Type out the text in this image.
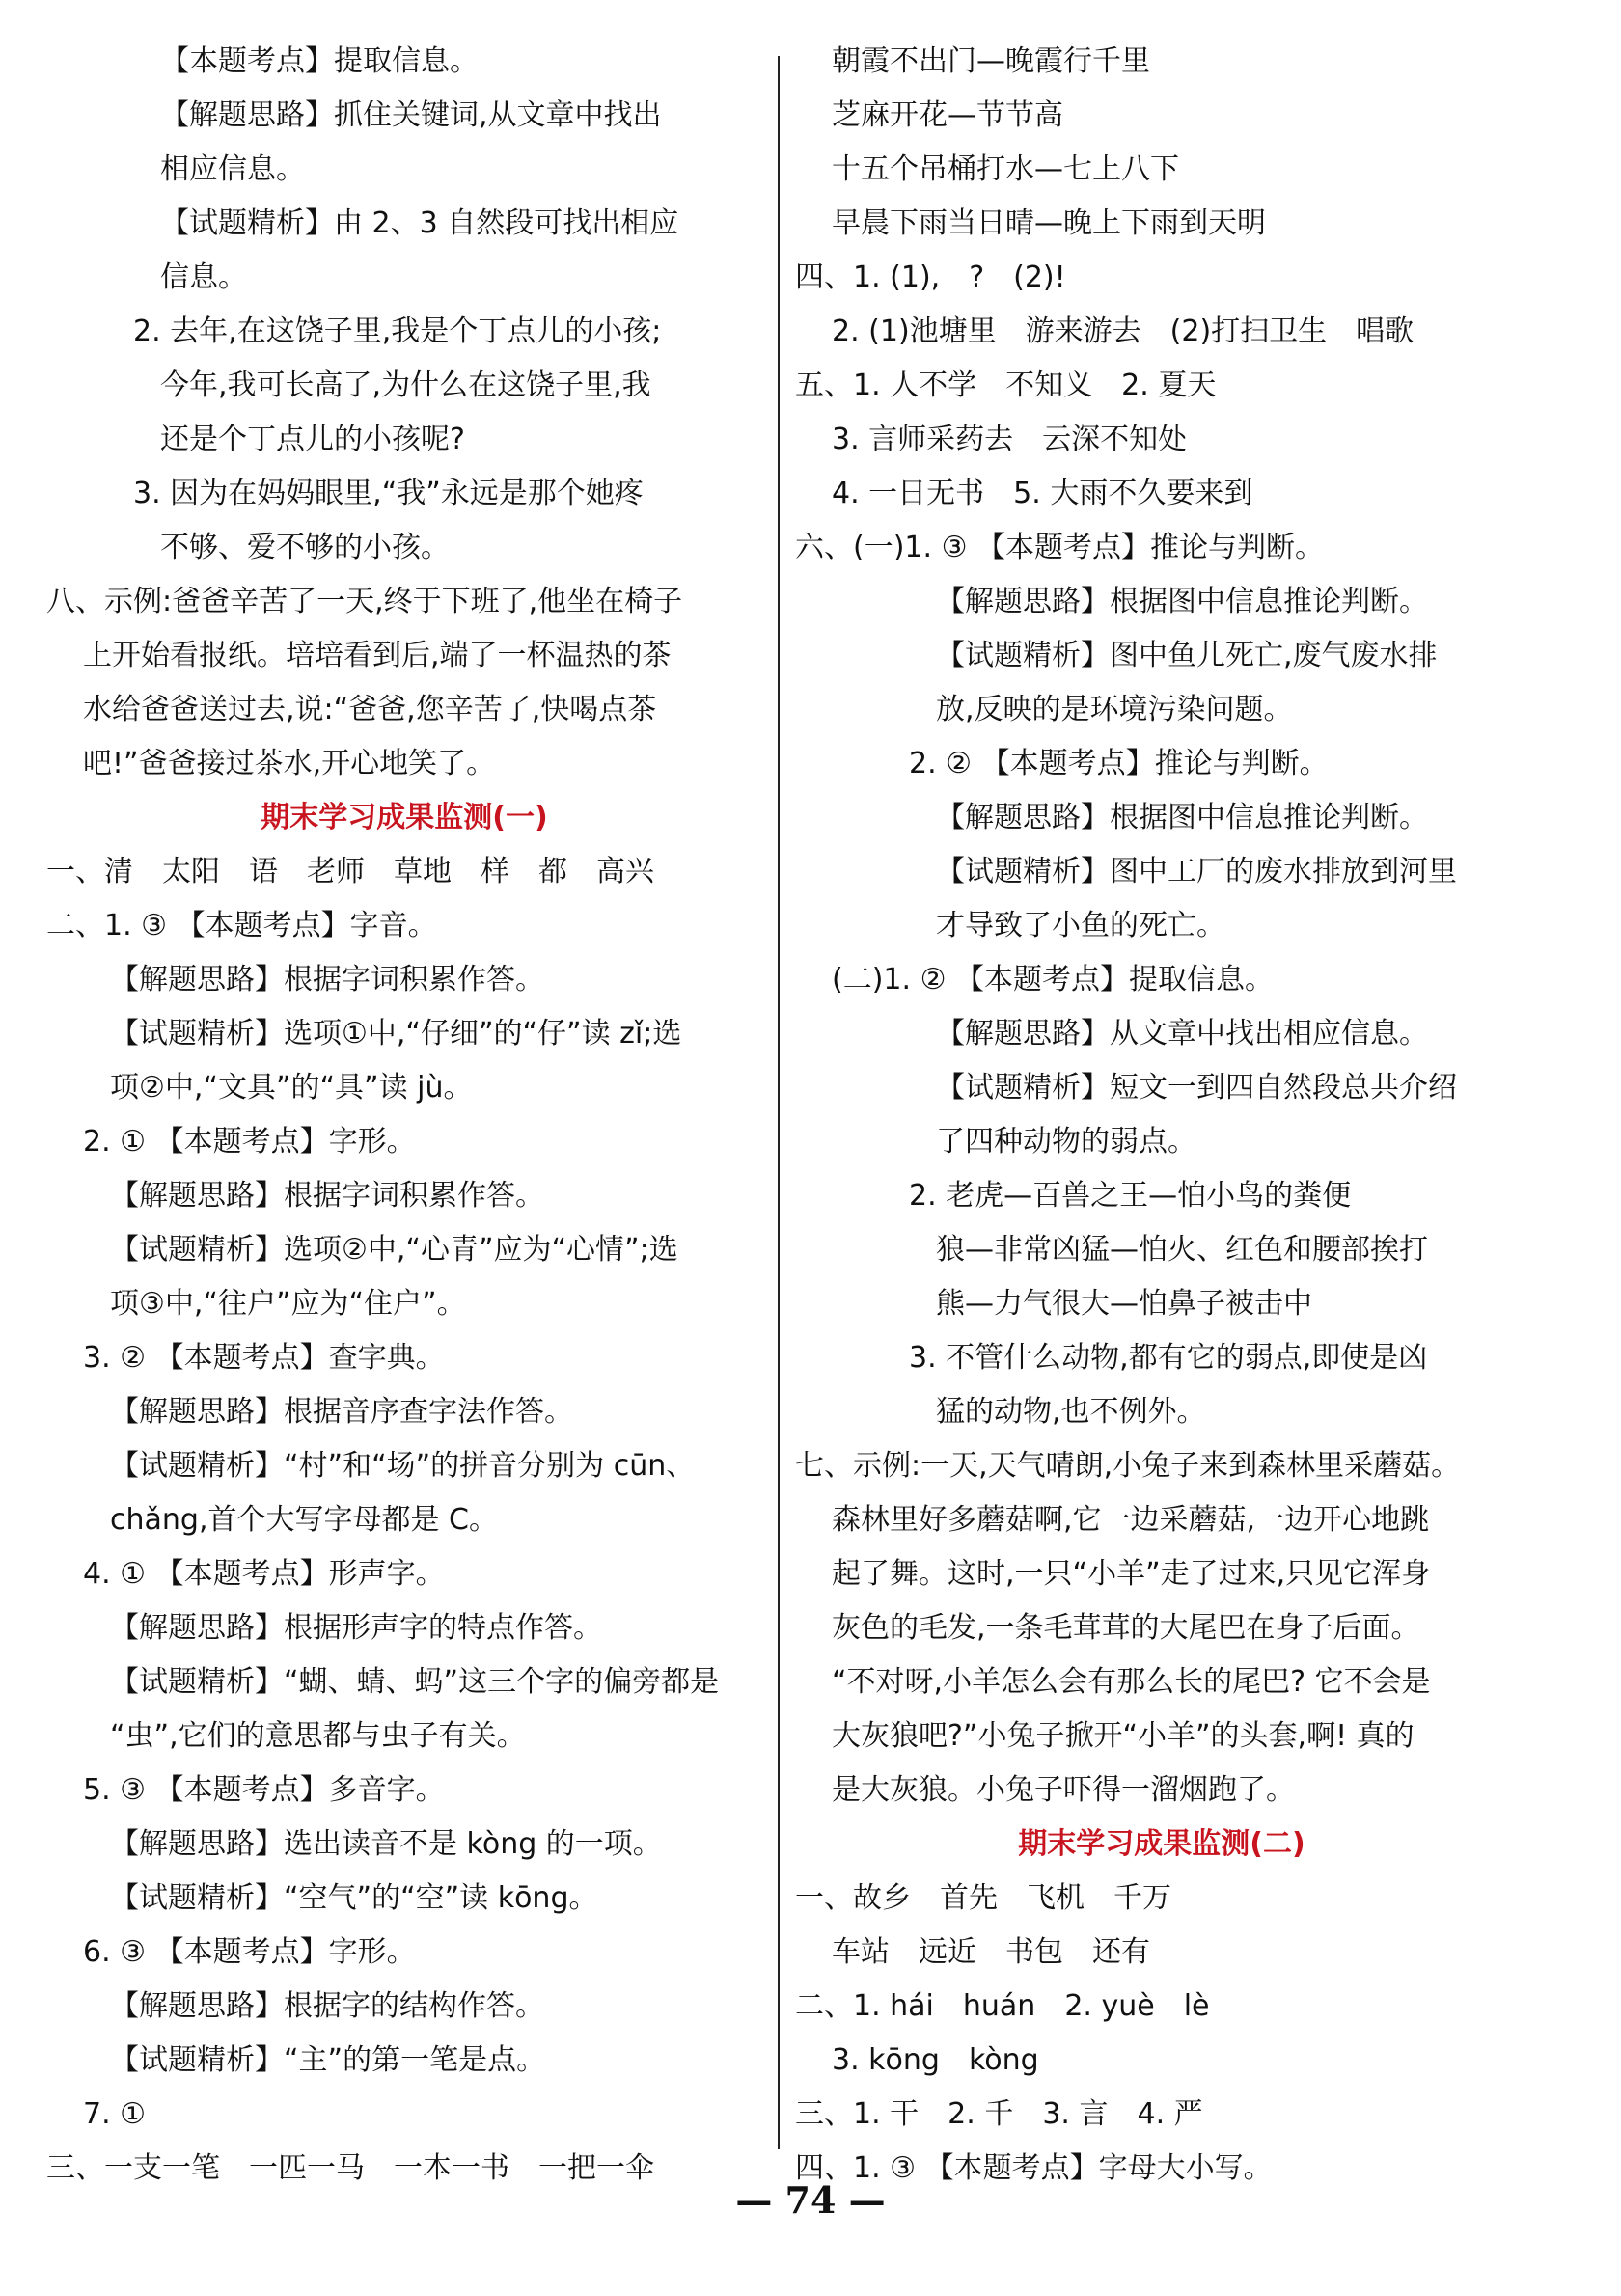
【本题考点】提取信息。
【解题思路】抓住关键词,从文章中找出
相应信息。
【试题精析】由 2、3 自然段可找出相应
信息。
2. 去年,在这饶子里,我是个丁点儿的小孩;
今年,我可长高了,为什么在这饶子里,我
还是个丁点儿的小孩呢?
3. 因为在妈妈眼里,“我”永远是那个她疼
不够、爱不够的小孩。
八、示例:爸爸辛苦了一天,终于下班了,他坐在椅子
上开始看报纸。培培看到后,端了一杯温热的茶
水给爸爸送过去,说:“爸爸,您辛苦了,快喝点茶
吧!”爸爸接过茶水,开心地笑了。
期末学习成果监测(一)
一、清　太阳　语　老师　草地　样　都　高兴
二、1. ③ 【本题考点】字音。
【解题思路】根据字词积累作答。
【试题精析】选项①中,“仔细”的“仔”读 zǐ;选
项②中,“文具”的“具”读 jù。
2. ① 【本题考点】字形。
【解题思路】根据字词积累作答。
【试题精析】选项②中,“心青”应为“心情”;选
项③中,“往户”应为“住户”。
3. ② 【本题考点】查字典。
【解题思路】根据音序查字法作答。
【试题精析】“村”和“场”的拼音分别为 cūn、
chǎng,首个大写字母都是 C。
4. ① 【本题考点】形声字。
【解题思路】根据形声字的特点作答。
【试题精析】“蝴、蜻、蚂”这三个字的偏旁都是
“虫”,它们的意思都与虫子有关。
5. ③ 【本题考点】多音字。
【解题思路】选出读音不是 kòng 的一项。
【试题精析】“空气”的“空”读 kōng。
6. ③ 【本题考点】字形。
【解题思路】根据字的结构作答。
【试题精析】“主”的第一笔是点。
7. ①
三、一支一笔　一匹一马　一本一书　一把一伞
朝霞不出门—晚霞行千里
芝麻开花—节节高
十五个吊桶打水—七上八下
早晨下雨当日晴—晚上下雨到天明
四、1. (1),　?　(2)!
2. (1)池塘里　游来游去　(2)打扫卫生　唱歌
五、1. 人不学　不知义　2. 夏天
3. 言师采药去　云深不知处
4. 一日无书　5. 大雨不久要来到
六、(一)1. ③ 【本题考点】推论与判断。
【解题思路】根据图中信息推论判断。
【试题精析】图中鱼儿死亡,废气废水排
放,反映的是环境污染问题。
2. ② 【本题考点】推论与判断。
【解题思路】根据图中信息推论判断。
【试题精析】图中工厂的废水排放到河里
才导致了小鱼的死亡。
(二)1. ② 【本题考点】提取信息。
【解题思路】从文章中找出相应信息。
【试题精析】短文一到四自然段总共介绍
了四种动物的弱点。
2. 老虎—百兽之王—怕小鸟的粪便
狼—非常凶猛—怕火、红色和腰部挨打
熊—力气很大—怕鼻子被击中
3. 不管什么动物,都有它的弱点,即使是凶
猛的动物,也不例外。
七、示例:一天,天气晴朗,小兔子来到森林里采蘑菇。
森林里好多蘑菇啊,它一边采蘑菇,一边开心地跳
起了舞。这时,一只“小羊”走了过来,只见它浑身
灰色的毛发,一条毛茸茸的大尾巴在身子后面。
“不对呀,小羊怎么会有那么长的尾巴? 它不会是
大灰狼吧?”小兔子掀开“小羊”的头套,啊! 真的
是大灰狼。小兔子吓得一溜烟跑了。
期末学习成果监测(二)
一、故乡　首先　飞机　千万
车站　远近　书包　还有
二、1. hái　huán　2. yuè　lè
3. kōng　kòng
三、1. 干　2. 千　3. 言　4. 严
四、1. ③ 【本题考点】字母大小写。
— 74 —
